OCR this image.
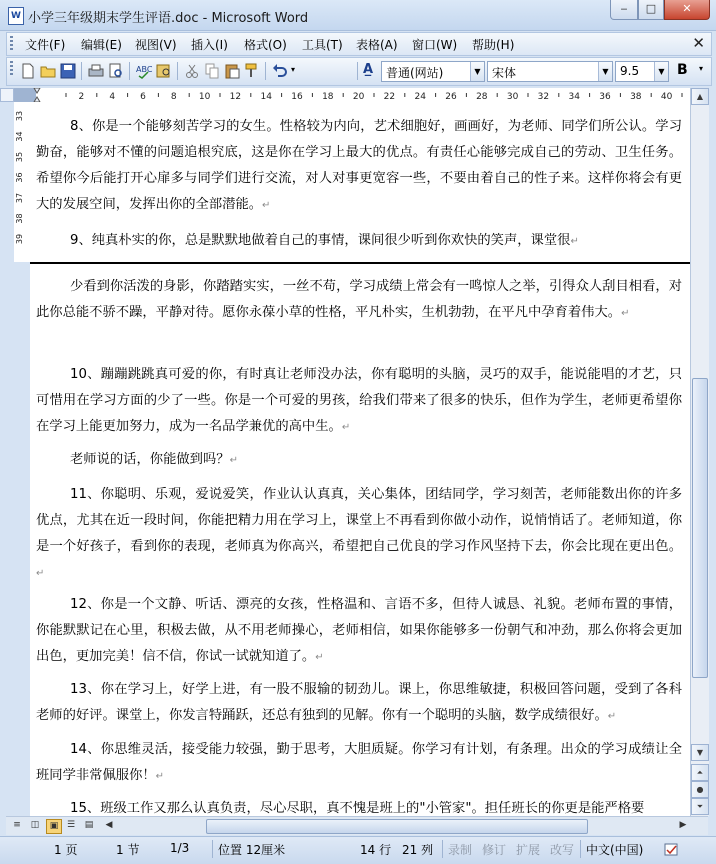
W 小学三年级期末学生评语.doc - Microsoft Word
‒	□	✕
文件(F) 编辑(E) 视图(V) 插入(I) 格式(O) 工具(T) 表格(A) 窗口(W) 帮助(H)	✕
ABC	▾	A̲ 普通(网站)	▼ 宋体	▼ 9.5	▼ B ▾
2	4	6	8 10 12 14 16 18 20 22 24 26 28 30 32 34 36 38 40
33
34
35
36
37
38
39

8、你是一个能够刻苦学习的女生。性格较为内向，艺术细胞好，画画好，为老师、同学们所公认。学习勤奋，能够对不懂的问题追根究底，这是你在学习上最大的优点。有责任心能够完成自己的劳动、卫生任务。希望你今后能打开心扉多与同学们进行交流，对人对事更宽容一些，不要由着自己的性子来。这样你将会有更大的发展空间，发挥出你的全部潜能。↵

9、纯真朴实的你，总是默默地做着自己的事情，课间很少听到你欢快的笑声，课堂很↵

少看到你活泼的身影，你踏踏实实，一丝不苟，学习成绩上常会有一鸣惊人之举，引得众人刮目相看，对此你总能不骄不躁，平静对待。愿你永葆小草的性格，平凡朴实，生机勃勃，在平凡中孕育着伟大。↵

10、蹦蹦跳跳真可爱的你，有时真让老师没办法，你有聪明的头脑，灵巧的双手，能说能唱的才艺，只可惜用在学习方面的少了一些。你是一个可爱的男孩，给我们带来了很多的快乐，但作为学生，老师更希望你在学习上能更加努力，成为一名品学兼优的高中生。↵

老师说的话，你能做到吗？↵

11、你聪明、乐观，爱说爱笑，作业认认真真，关心集体，团结同学，学习刻苦，老师能数出你的许多优点，尤其在近一段时间，你能把精力用在学习上，课堂上不再看到你做小动作，说悄悄话了。老师知道，你是一个好孩子，看到你的表现，老师真为你高兴，希望把自己优良的学习作风坚持下去，你会比现在更出色。↵

12、你是一个文静、听话、漂亮的女孩，性格温和、言语不多，但待人诚恳、礼貌。老师布置的事情，你能默默记在心里，积极去做，从不用老师操心，老师相信，如果你能够多一份朝气和冲劲，那么你将会更加出色，更加完美！信不信，你试一试就知道了。↵

13、你在学习上，好学上进，有一股不服输的韧劲儿。课上，你思维敏捷，积极回答问题，受到了各科老师的好评。课堂上，你发言特踊跃，还总有独到的见解。你有一个聪明的头脑，数学成绩很好。↵

14、你思维灵活，接受能力较强，勤于思考，大胆质疑。你学习有计划，有条理。出众的学习成绩让全班同学非常佩服你！↵

15、班级工作又那么认真负责，尽心尽职，真不愧是班上的"小管家"。担任班长的你更是能严格要

▲
▼
⏶
●
⏷
≡	◫	▣ ☰	▤	◀	▶
1 页	1 节	1/3 位置 12厘米	14 行 21 列 录制 修订 扩展 改写 中文(中国)
